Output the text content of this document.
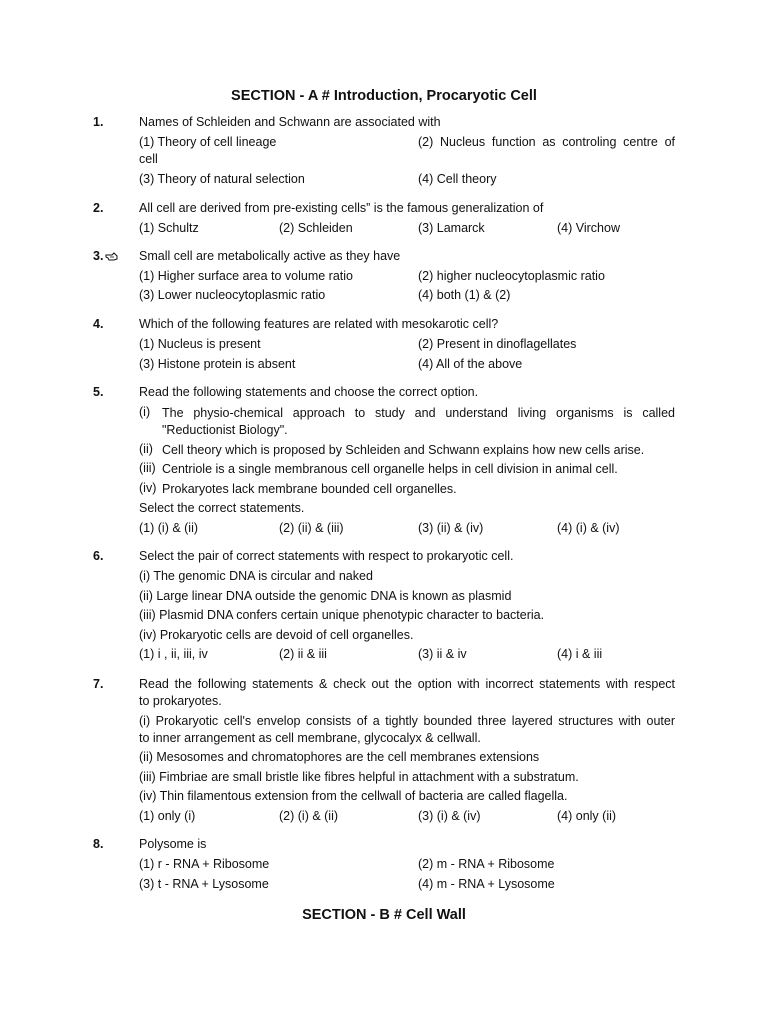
SECTION - A # Introduction, Procaryotic Cell
1.	Names of Schleiden and Schwann are associated with
(1) Theory of cell lineage	(2) Nucleus function as controling centre of
cell
(3) Theory of natural selection	(4) Cell theory
2.	All cell are derived from pre-existing cells” is the famous generalization of
(1) Schultz	(2) Schleiden	(3) Lamarck	(4) Virchow
3.	Small cell are metabolically active as they have
(1) Higher surface area to volume ratio	(2) higher nucleocytoplasmic ratio
(3) Lower nucleocytoplasmic ratio	(4) both (1) & (2)
4.	Which of the following features are related with mesokarotic cell?
(1) Nucleus is present	(2) Present in dinoflagellates
(3) Histone protein is absent	(4) All of the above
5.	Read the following statements and choose the correct option.
(i) The physio-chemical approach to study and understand living organisms is called
"Reductionist Biology".
(ii) Cell theory which is proposed by Schleiden and Schwann explains how new cells arise.
(iii) Centriole is a single membranous cell organelle helps in cell division in animal cell.
(iv) Prokaryotes lack membrane bounded cell organelles.
Select the correct statements.
(1) (i) & (ii)	(2) (ii) & (iii)	(3) (ii) & (iv)	(4) (i) & (iv)
6.	Select the pair of correct statements with respect to prokaryotic cell.
(i) The genomic DNA is circular and naked
(ii) Large linear DNA outside the genomic DNA is known as plasmid
(iii) Plasmid DNA confers certain unique phenotypic character to bacteria.
(iv) Prokaryotic cells are devoid of cell organelles.
(1) i , ii, iii, iv	(2) ii & iii	(3) ii & iv	(4) i & iii
7.	Read the following statements & check out the option with incorrect statements with respect
to prokaryotes.
(i) Prokaryotic cell's envelop consists of a tightly bounded three layered structures with outer
to inner arrangement as cell membrane, glycocalyx & cellwall.
(ii) Mesosomes and chromatophores are the cell membranes extensions
(iii) Fimbriae are small bristle like fibres helpful in attachment with a substratum.
(iv) Thin filamentous extension from the cellwall of bacteria are called flagella.
(1) only (i)	(2) (i) & (ii)	(3) (i) & (iv)	(4) only (ii)
8.	Polysome is
(1) r - RNA + Ribosome	(2) m - RNA + Ribosome
(3) t - RNA + Lysosome	(4) m - RNA + Lysosome
SECTION - B # Cell Wall
